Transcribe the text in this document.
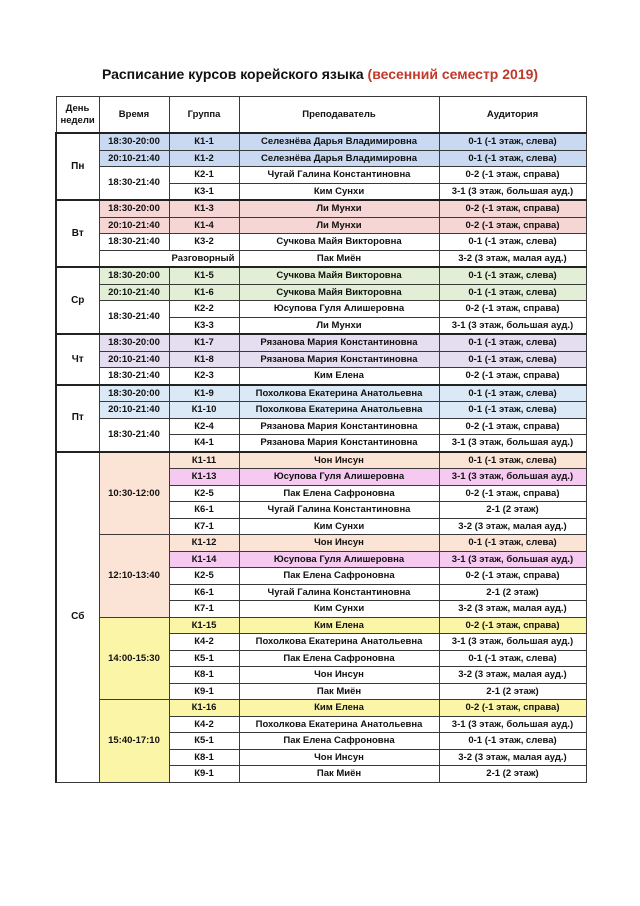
Расписание курсов корейского языка (весенний семестр 2019)
День недели	Время	Группа	Преподаватель	Аудитория
Пн	18:30-20:00	К1-1	Селезнёва Дарья Владимировна	0-1 (-1 этаж, слева)
	20:10-21:40	К1-2	Селезнёва Дарья Владимировна	0-1 (-1 этаж, слева)
	18:30-21:40	К2-1	Чугай Галина Константиновна	0-2 (-1 этаж, справа)
		К3-1	Ким Сунхи	3-1 (3 этаж, большая ауд.)
Вт	18:30-20:00	К1-3	Ли Мунхи	0-2 (-1 этаж, справа)
	20:10-21:40	К1-4	Ли Мунхи	0-2 (-1 этаж, справа)
	18:30-21:40	К3-2	Сучкова Майя Викторовна	0-1 (-1 этаж, слева)
	Разговорный		Пак Миён	3-2 (3 этаж, малая ауд.)
Ср	18:30-20:00	К1-5	Сучкова Майя Викторовна	0-1 (-1 этаж, слева)
	20:10-21:40	К1-6	Сучкова Майя Викторовна	0-1 (-1 этаж, слева)
	18:30-21:40	К2-2	Юсупова Гуля Алишеровна	0-2 (-1 этаж, справа)
		К3-3	Ли Мунхи	3-1 (3 этаж, большая ауд.)
Чт	18:30-20:00	К1-7	Рязанова Мария Константиновна	0-1 (-1 этаж, слева)
	20:10-21:40	К1-8	Рязанова Мария Константиновна	0-1 (-1 этаж, слева)
	18:30-21:40	К2-3	Ким Елена	0-2 (-1 этаж, справа)
Пт	18:30-20:00	К1-9	Похолкова Екатерина Анатольевна	0-1 (-1 этаж, слева)
	20:10-21:40	К1-10	Похолкова Екатерина Анатольевна	0-1 (-1 этаж, слева)
	18:30-21:40	К2-4	Рязанова Мария Константиновна	0-2 (-1 этаж, справа)
		К4-1	Рязанова Мария Константиновна	3-1 (3 этаж, большая ауд.)
Сб	10:30-12:00	К1-11	Чон Инсун	0-1 (-1 этаж, слева)
		К1-13	Юсупова Гуля Алишеровна	3-1 (3 этаж, большая ауд.)
		К2-5	Пак Елена Сафроновна	0-2 (-1 этаж, справа)
		К6-1	Чугай Галина Константиновна	2-1 (2 этаж)
		К7-1	Ким Сунхи	3-2 (3 этаж, малая ауд.)
	12:10-13:40	К1-12	Чон Инсун	0-1 (-1 этаж, слева)
		К1-14	Юсупова Гуля Алишеровна	3-1 (3 этаж, большая ауд.)
		К2-5	Пак Елена Сафроновна	0-2 (-1 этаж, справа)
		К6-1	Чугай Галина Константиновна	2-1 (2 этаж)
		К7-1	Ким Сунхи	3-2 (3 этаж, малая ауд.)
	14:00-15:30	К1-15	Ким Елена	0-2 (-1 этаж, справа)
		К4-2	Похолкова Екатерина Анатольевна	3-1 (3 этаж, большая ауд.)
		К5-1	Пак Елена Сафроновна	0-1 (-1 этаж, слева)
		К8-1	Чон Инсун	3-2 (3 этаж, малая ауд.)
		К9-1	Пак Миён	2-1 (2 этаж)
	15:40-17:10	К1-16	Ким Елена	0-2 (-1 этаж, справа)
		К4-2	Похолкова Екатерина Анатольевна	3-1 (3 этаж, большая ауд.)
		К5-1	Пак Елена Сафроновна	0-1 (-1 этаж, слева)
		К8-1	Чон Инсун	3-2 (3 этаж, малая ауд.)
		К9-1	Пак Миён	2-1 (2 этаж)
